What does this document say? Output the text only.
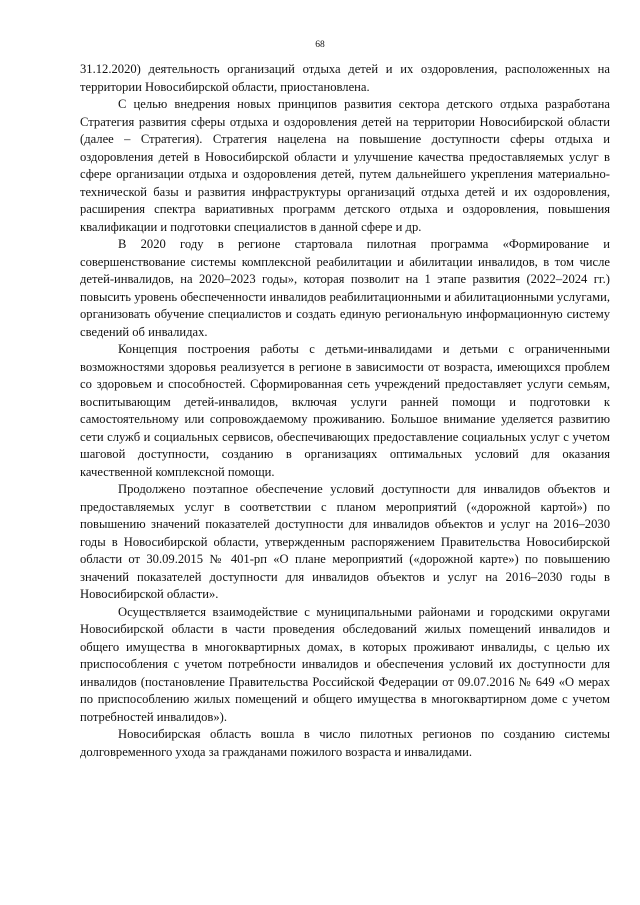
68

31.12.2020) деятельность организаций отдыха детей и их оздоровления, расположенных на территории Новосибирской области, приостановлена.

С целью внедрения новых принципов развития сектора детского отдыха разработана Стратегия развития сферы отдыха и оздоровления детей на территории Новосибирской области (далее – Стратегия). Стратегия нацелена на повышение доступности сферы отдыха и оздоровления детей в Новосибирской области и улучшение качества предоставляемых услуг в сфере организации отдыха и оздоровления детей, путем дальнейшего укрепления материально-технической базы и развития инфраструктуры организаций отдыха детей и их оздоровления, расширения спектра вариативных программ детского отдыха и оздоровления, повышения квалификации и подготовки специалистов в данной сфере и др.

В 2020 году в регионе стартовала пилотная программа «Формирование и совершенствование системы комплексной реабилитации и абилитации инвалидов, в том числе детей-инвалидов, на 2020–2023 годы», которая позволит на 1 этапе развития (2022–2024 гг.) повысить уровень обеспеченности инвалидов реабилитационными и абилитационными услугами, организовать обучение специалистов и создать единую региональную информационную систему сведений об инвалидах.

Концепция построения работы с детьми-инвалидами и детьми с ограниченными возможностями здоровья реализуется в регионе в зависимости от возраста, имеющихся проблем со здоровьем и способностей. Сформированная сеть учреждений предоставляет услуги семьям, воспитывающим детей-инвалидов, включая услуги ранней помощи и подготовки к самостоятельному или сопровождаемому проживанию. Большое внимание уделяется развитию сети служб и социальных сервисов, обеспечивающих предоставление социальных услуг с учетом шаговой доступности, созданию в организациях оптимальных условий для оказания качественной комплексной помощи.

Продолжено поэтапное обеспечение условий доступности для инвалидов объектов и предоставляемых услуг в соответствии с планом мероприятий («дорожной картой») по повышению значений показателей доступности для инвалидов объектов и услуг на 2016–2030 годы в Новосибирской области, утвержденным распоряжением Правительства Новосибирской области от 30.09.2015 № 401-рп «О плане мероприятий («дорожной карте») по повышению значений показателей доступности для инвалидов объектов и услуг на 2016–2030 годы в Новосибирской области».

Осуществляется взаимодействие с муниципальными районами и городскими округами Новосибирской области в части проведения обследований жилых помещений инвалидов и общего имущества в многоквартирных домах, в которых проживают инвалиды, с целью их приспособления с учетом потребности инвалидов и обеспечения условий их доступности для инвалидов (постановление Правительства Российской Федерации от 09.07.2016 № 649 «О мерах по приспособлению жилых помещений и общего имущества в многоквартирном доме с учетом потребностей инвалидов»).

Новосибирская область вошла в число пилотных регионов по созданию системы долговременного ухода за гражданами пожилого возраста и инвалидами.
